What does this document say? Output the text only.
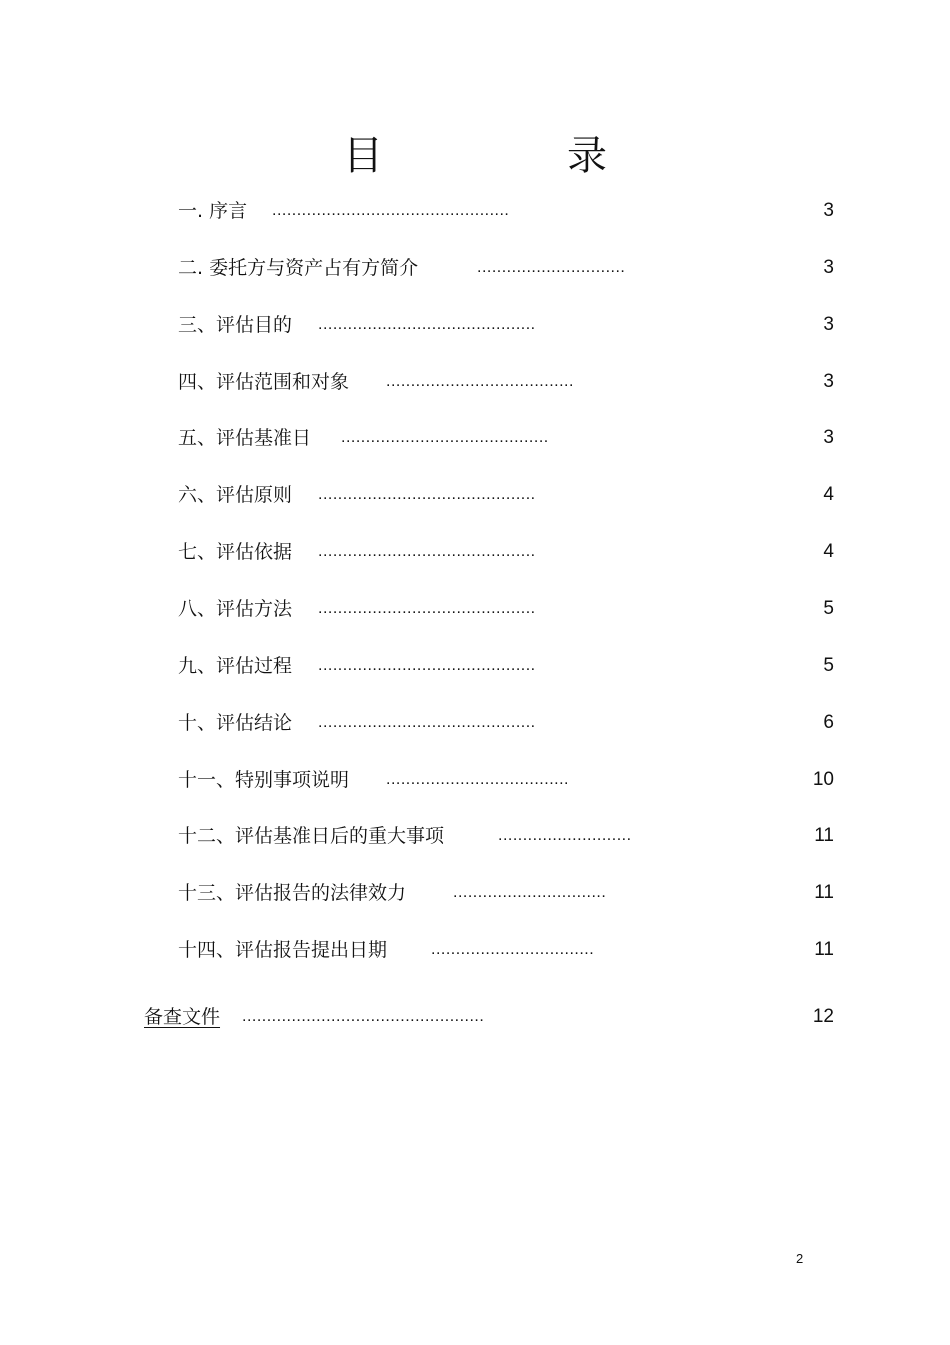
目　录
一. 序言 ................................................	3
二. 委托方与资产占有方简介	..............................	3
三、评估目的 ............................................	3
四、评估范围和对象 ......................................	3
五、评估基准日 ..........................................	3
六、评估原则 ............................................	4
七、评估依据 ............................................	4
八、评估方法 ............................................	5
九、评估过程 ............................................	5
十、评估结论 ............................................	6
十一、特别事项说明 .....................................	10
十二、评估基准日后的重大事项	...........................	11
十三、评估报告的法律效力	...............................	11
十四、评估报告提出日期	.................................	11
备查文件 .................................................	12
2
